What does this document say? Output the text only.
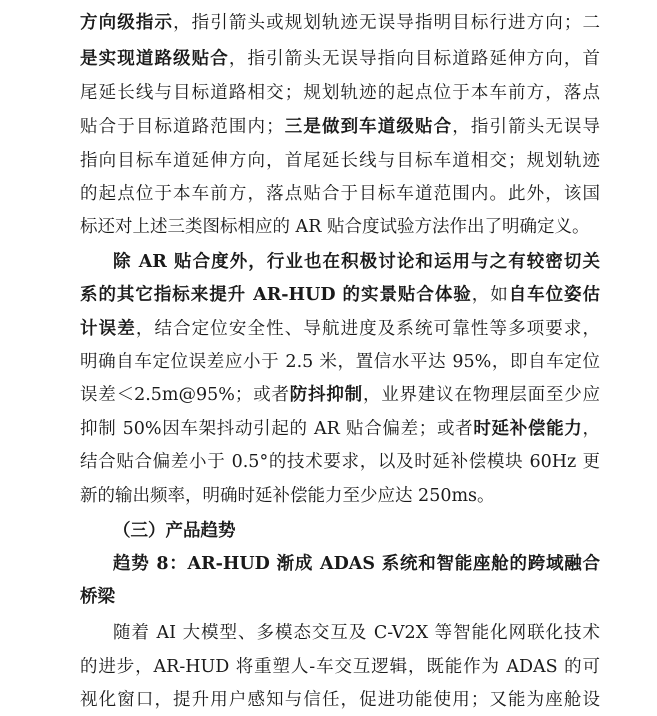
方向级指示，指引箭头或规划轨迹无误导指明目标行进方向；二
是实现道路级贴合，指引箭头无误导指向目标道路延伸方向，首
尾延长线与目标道路相交；规划轨迹的起点位于本车前方，落点
贴合于目标道路范围内；三是做到车道级贴合，指引箭头无误导
指向目标车道延伸方向，首尾延长线与目标车道相交；规划轨迹
的起点位于本车前方，落点贴合于目标车道范围内。此外，该国
标还对上述三类图标相应的 AR 贴合度试验方法作出了明确定义。
除 AR 贴合度外，行业也在积极讨论和运用与之有较密切关
系的其它指标来提升 AR-HUD 的实景贴合体验，如自车位姿估
计误差，结合定位安全性、导航进度及系统可靠性等多项要求，
明确自车定位误差应小于 2.5 米，置信水平达 95%，即自车定位
误差＜2.5m@95%；或者防抖抑制，业界建议在物理层面至少应
抑制 50%因车架抖动引起的 AR 贴合偏差；或者时延补偿能力，
结合贴合偏差小于 0.5°的技术要求，以及时延补偿模块 60Hz 更
新的输出频率，明确时延补偿能力至少应达 250ms。
（三）产品趋势
趋势 8：AR-HUD 渐成 ADAS 系统和智能座舱的跨域融合
桥梁
随着 AI 大模型、多模态交互及 C-V2X 等智能化网联化技术
的进步，AR-HUD 将重塑人-车交互逻辑，既能作为 ADAS 的可
视化窗口，提升用户感知与信任，促进功能使用；又能为座舱设
